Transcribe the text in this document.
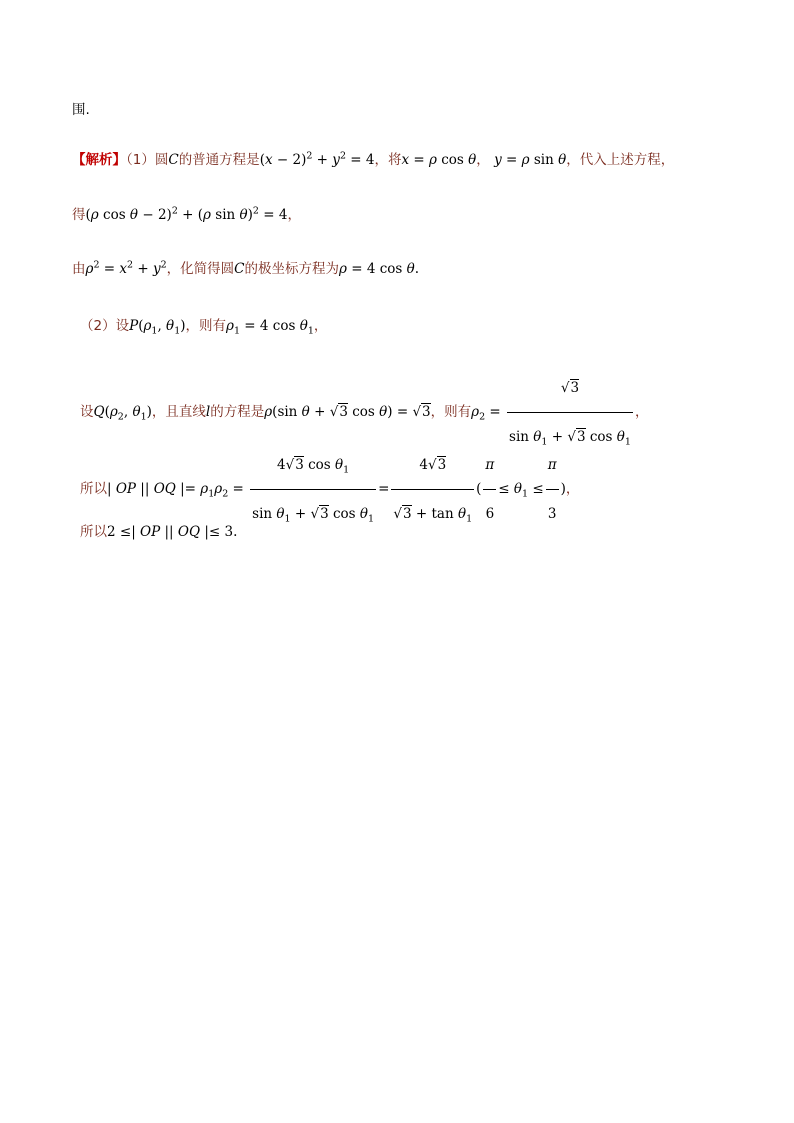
围.
【解析】（1）圆C的普通方程是$(x - 2)^2 + y^2 = 4$，将x = ρ cos θ， y = ρ sin θ，代入上述方程，
得(ρ cos θ − 2)$^2$ + (ρ sin θ)$^2$ = 4，
由$\rho^2 = x^2 + y^2$，化简得圆C的极坐标方程为ρ = 4 cos θ.
（2）设$P(\rho_1$, $\theta_1$)，则有$\rho_1 = 4$ $\cos \theta_1$，
设$Q(\rho_2$, $\theta_1$)，且直线l的方程是ρ(sin θ + √3 cos θ) = √3，则有$\rho_2 = \frac{√3}{\sin \theta_1 + √3 \cos \theta_1}$ ，
所以| OP || OQ |= $\rho_1\rho_2 = \frac{4√3 \cos \theta_1}{\sin \theta_1 + √3 \cos \theta_1} = \frac{4√3}{√3 + \tan \theta_1}$ ( $\frac{\pi}{6} \le \theta_1 \le \frac{\pi}{3}$ )，
所以2 ≤| OP || OQ |≤ 3.
